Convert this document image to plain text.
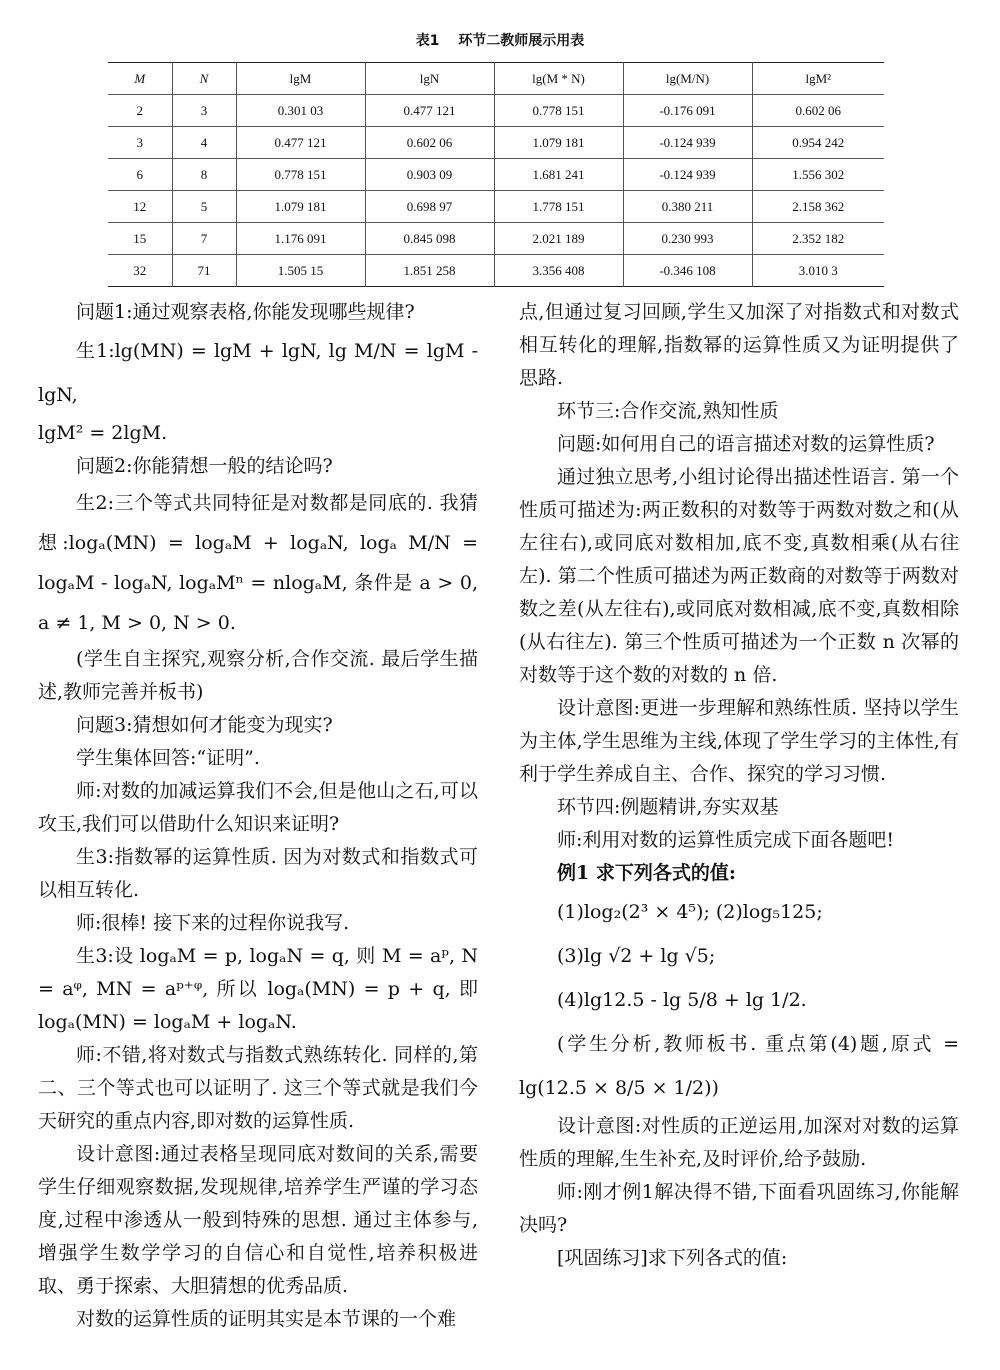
表1 环节二教师展示用表
M	N	lgM	lgN	lg(M * N)	lg(M/N)	lgM²
2	3	0.301 03	0.477 121	0.778 151	-0.176 091	0.602 06
3	4	0.477 121	0.602 06	1.079 181	-0.124 939	0.954 242
6	8	0.778 151	0.903 09	1.681 241	-0.124 939	1.556 302
12	5	1.079 181	0.698 97	1.778 151	0.380 211	2.158 362
15	7	1.176 091	0.845 098	2.021 189	0.230 993	2.352 182
32	71	1.505 15	1.851 258	3.356 408	-0.346 108	3.010 3

问题1:通过观察表格,你能发现哪些规律?

生1:lg(MN) = lgM + lgN, lg M/N = lgM - lgN,

lgM² = 2lgM.

问题2:你能猜想一般的结论吗?

生2:三个等式共同特征是对数都是同底的. 我猜想:logₐ(MN) = logₐM + logₐN, logₐ M/N = logₐM - logₐN, logₐMⁿ = nlogₐM, 条件是 a > 0, a ≠ 1, M > 0, N > 0.

(学生自主探究,观察分析,合作交流. 最后学生描述,教师完善并板书)

问题3:猜想如何才能变为现实?

学生集体回答:“证明”.

师:对数的加减运算我们不会,但是他山之石,可以攻玉,我们可以借助什么知识来证明?

生3:指数幂的运算性质. 因为对数式和指数式可以相互转化.

师:很棒! 接下来的过程你说我写.

生3:设 logₐM = p, logₐN = q, 则 M = aᵖ, N = aᵠ, MN = aᵖ⁺ᵠ, 所以 logₐ(MN) = p + q, 即logₐ(MN) = logₐM + logₐN.

师:不错,将对数式与指数式熟练转化. 同样的,第二、三个等式也可以证明了. 这三个等式就是我们今天研究的重点内容,即对数的运算性质.

设计意图:通过表格呈现同底对数间的关系,需要学生仔细观察数据,发现规律,培养学生严谨的学习态度,过程中渗透从一般到特殊的思想. 通过主体参与,增强学生数学学习的自信心和自觉性,培养积极进取、勇于探索、大胆猜想的优秀品质.

对数的运算性质的证明其实是本节课的一个难

点,但通过复习回顾,学生又加深了对指数式和对数式相互转化的理解,指数幂的运算性质又为证明提供了思路.

环节三:合作交流,熟知性质

问题:如何用自己的语言描述对数的运算性质?

通过独立思考,小组讨论得出描述性语言. 第一个性质可描述为:两正数积的对数等于两数对数之和(从左往右),或同底对数相加,底不变,真数相乘(从右往左). 第二个性质可描述为两正数商的对数等于两数对数之差(从左往右),或同底对数相减,底不变,真数相除(从右往左). 第三个性质可描述为一个正数 n 次幂的对数等于这个数的对数的 n 倍.

设计意图:更进一步理解和熟练性质. 坚持以学生为主体,学生思维为主线,体现了学生学习的主体性,有利于学生养成自主、合作、探究的学习习惯.

环节四:例题精讲,夯实双基

师:利用对数的运算性质完成下面各题吧!

例1 求下列各式的值:

(1)log₂(2³ × 4⁵); (2)log₅125;

(3)lg √2 + lg √5;

(4)lg12.5 - lg 5/8 + lg 1/2.

(学生分析,教师板书. 重点第(4)题,原式 = lg(12.5 × 8/5 × 1/2))

设计意图:对性质的正逆运用,加深对对数的运算性质的理解,生生补充,及时评价,给予鼓励.

师:刚才例1解决得不错,下面看巩固练习,你能解决吗?

[巩固练习]求下列各式的值:
